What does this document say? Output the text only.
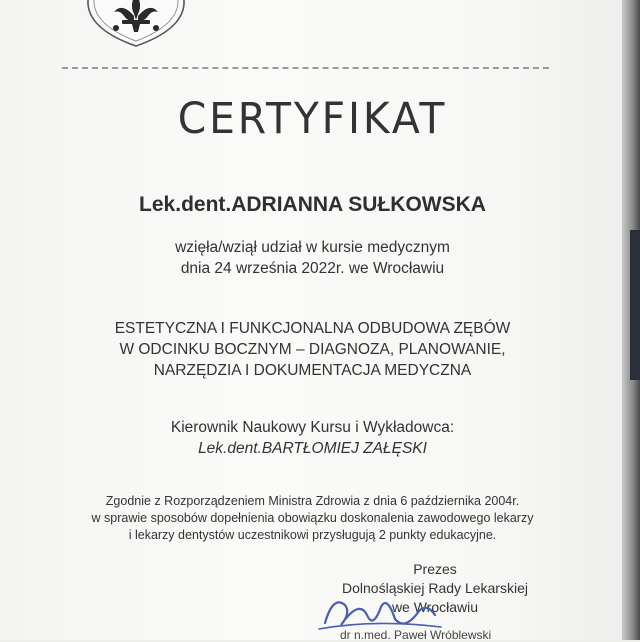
CERTYFIKAT
Lek.dent.ADRIANNA SUŁKOWSKA
wzięła/wziął udział w kursie medycznym
dnia 24 września 2022r. we Wrocławiu
ESTETYCZNA I FUNKCJONALNA ODBUDOWA ZĘBÓW
W ODCINKU BOCZNYM – DIAGNOZA, PLANOWANIE,
NARZĘDZIA I DOKUMENTACJA MEDYCZNA
Kierownik Naukowy Kursu i Wykładowca:
Lek.dent.BARTŁOMIEJ ZAŁĘSKI
Zgodnie z Rozporządzeniem Ministra Zdrowia z dnia 6 października 2004r.
w sprawie sposobów dopełnienia obowiązku doskonalenia zawodowego lekarzy
i lekarzy dentystów uczestnikowi przysługują 2 punkty edukacyjne.
Prezes
Dolnośląskiej Rady Lekarskiej
we Wrocławiu
dr n.med. Paweł Wróblewski
